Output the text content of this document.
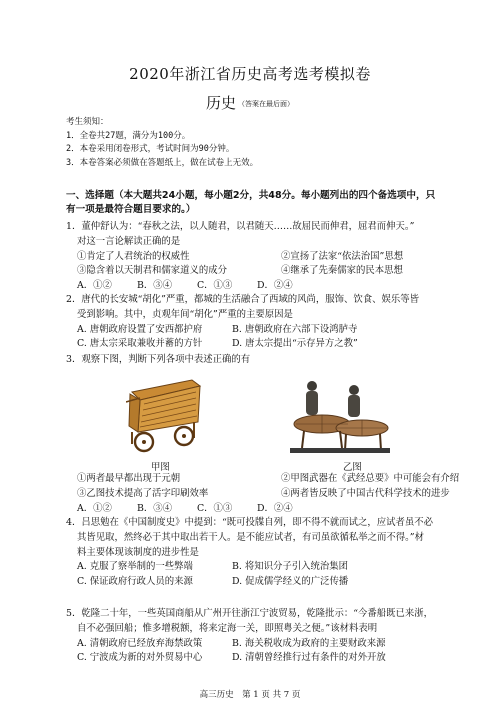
2020年浙江省历史高考选考模拟卷
历史 （答案在最后面）
考生须知：
1．全卷共27题，满分为100分。
2．本卷采用闭卷形式，考试时间为90分钟。
3．本卷答案必须做在答题纸上，做在试卷上无效。
一、选择题（本大题共24小题，每小题2分，共48分。每小题列出的四个备选项中，只
有一项是最符合题目要求的。）
1．董仲舒认为：“春秋之法，以人随君，以君随天……故屈民而伸君，屈君而伸天。”
对这一言论解读正确的是
①肯定了人君统治的权威性	②宣扬了法家“依法治国”思想
③隐含着以天制君和儒家道义的成分	④继承了先秦儒家的民本思想
A．①②	B．③④	C．①③	D．②④
2．唐代的长安城“胡化”严重，都城的生活融合了西域的风尚，服饰、饮食、娱乐等皆
受到影响。其中，贞观年间“胡化”严重的主要原因是
A. 唐朝政府设置了安西都护府	B. 唐朝政府在六部下设鸿胪寺
C. 唐太宗采取兼收并蓄的方针	D. 唐太宗提出“示存异方之教”
3．观察下图，判断下列各项中表述正确的有
甲图	乙图
①两者最早都出现于元朝	②甲图武器在《武经总要》中可能会有介绍
③乙图技术提高了活字印刷效率	④两者皆反映了中国古代科学技术的进步
A．①②	B．③④	C．①③	D．②④
4．吕思勉在《中国制度史》中提到：“既可投牒自列，即不得不就而试之，应试者虽不必
其皆见取，然终必于其中取出若干人。是不能应试者，有司虽欲循私举之而不得。”材
料主要体现该制度的进步性是
A. 克服了察举制的一些弊端	B. 将知识分子引入统治集团
C. 保证政府行政人员的来源	D. 促成儒学经义的广泛传播
5．乾隆二十年，一些英国商船从广州开往浙江宁波贸易，乾隆批示：“今番船既已来浙，
自不必强回船；惟多增税额，将来定海一关，即照粤关之便。”该材料表明
A. 清朝政府已经放弃海禁政策	B. 海关税收成为政府的主要财政来源
C. 宁波成为新的对外贸易中心	D. 清朝曾经推行过有条件的对外开放
高三历史　第 1 页 共 7 页
